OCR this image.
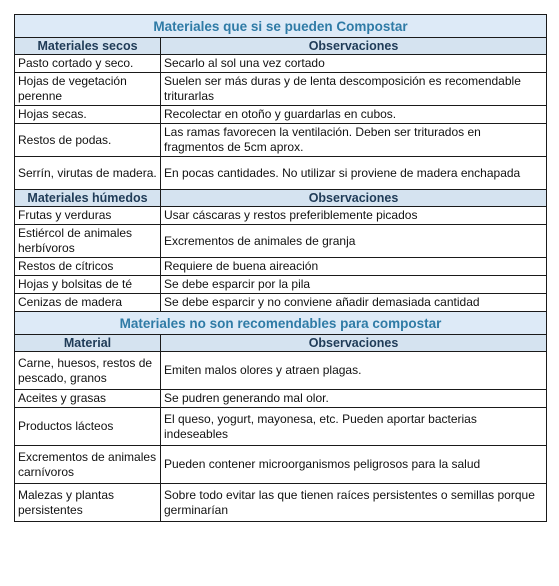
Materiales que si se pueden Compostar	
Materiales secos	Observaciones
Pasto cortado y seco.	Secarlo al sol una vez cortado
Hojas de vegetación perenne	Suelen ser más duras y de lenta descomposición es recomendable triturarlas
Hojas secas.	Recolectar en otoño y guardarlas en cubos.
Restos de podas.	Las ramas favorecen la ventilación. Deben ser triturados en fragmentos de 5cm aprox.
Serrín, virutas de madera.	En pocas cantidades. No utilizar si proviene de madera enchapada
Materiales húmedos	Observaciones
Frutas y verduras	Usar cáscaras y restos preferiblemente picados
Estiércol de animales herbívoros	Excrementos de animales de granja
Restos de cítricos	Requiere de buena aireación
Hojas y bolsitas de té	Se debe esparcir por la pila
Cenizas de madera	Se debe esparcir y no conviene añadir demasiada cantidad
Materiales no son recomendables para compostar	
Material	Observaciones
Carne, huesos, restos de pescado, granos	Emiten malos olores y atraen plagas.
Aceites y grasas	Se pudren generando mal olor.
Productos lácteos	El queso, yogurt, mayonesa, etc. Pueden aportar bacterias indeseables
Excrementos de animales carnívoros	Pueden contener microorganismos peligrosos para la salud
Malezas y plantas persistentes	Sobre todo evitar las que tienen raíces persistentes o semillas porque germinarían
